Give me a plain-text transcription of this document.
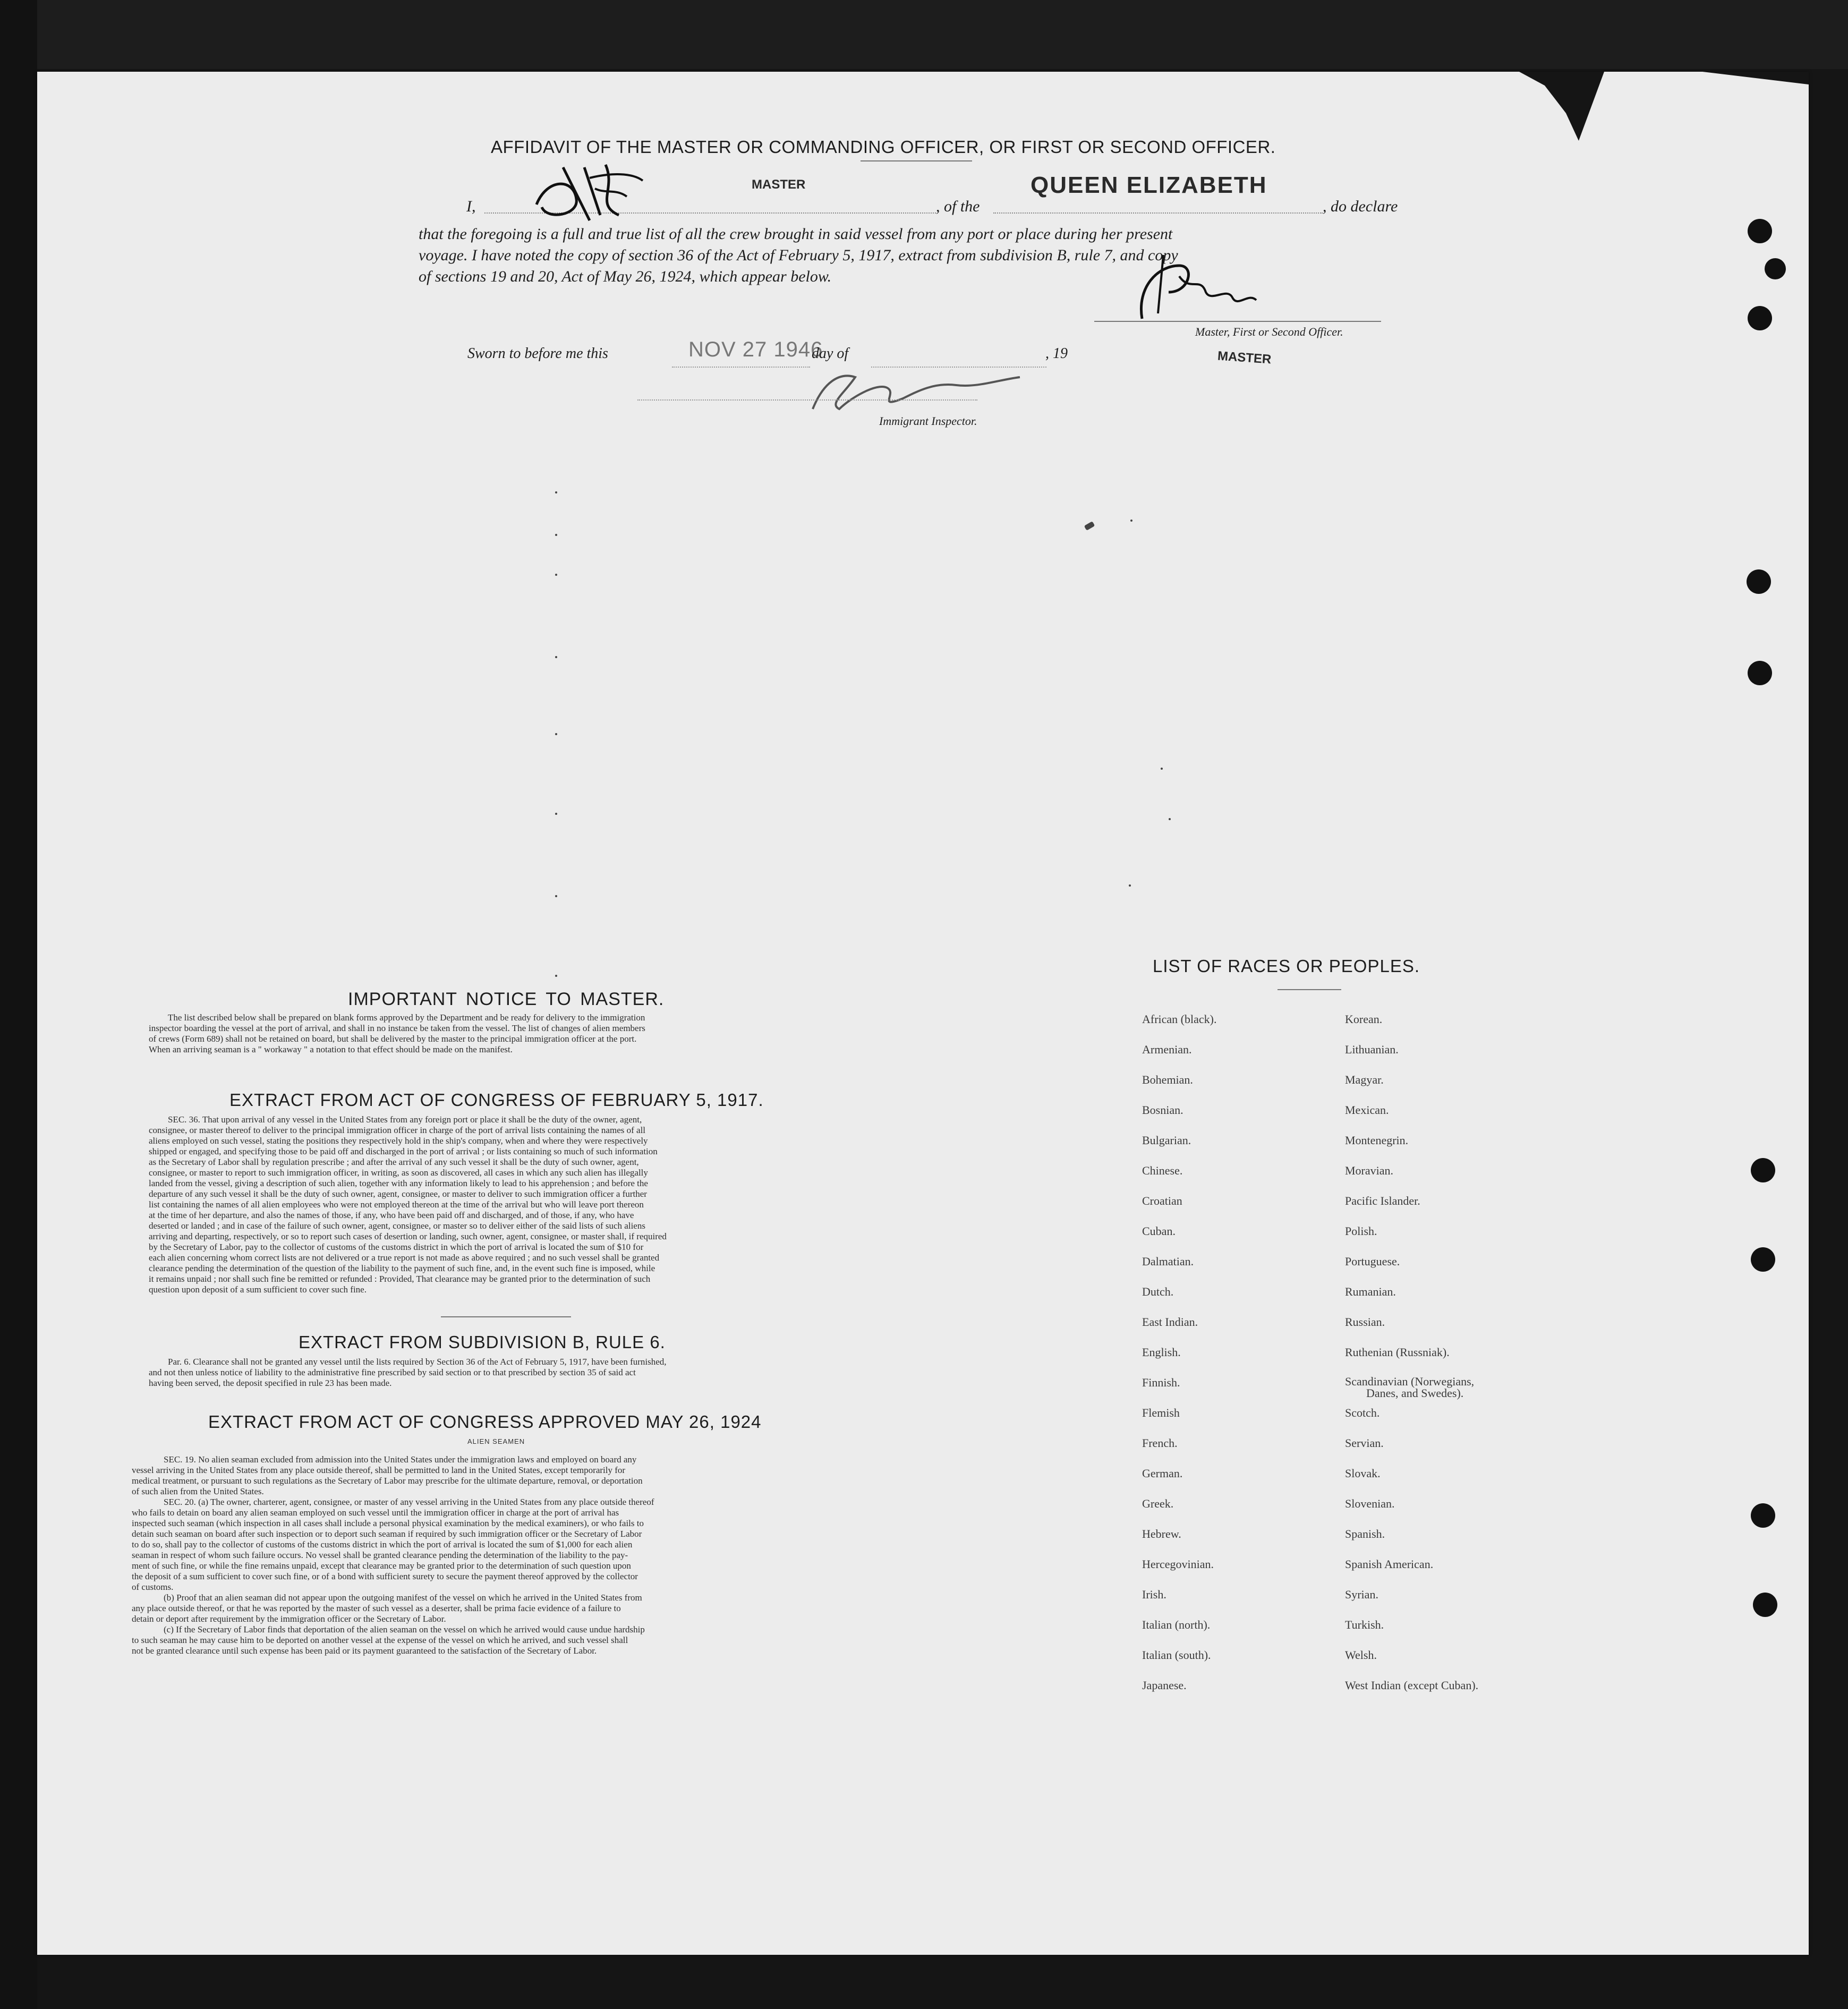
AFFIDAVIT OF THE MASTER OR COMMANDING OFFICER, OR FIRST OR SECOND OFFICER.
I,
MASTER
, of the
QUEEN ELIZABETH
, do declare
that the foregoing is a full and true list of all the crew brought in said vessel from any port or place during her present
voyage. I have noted the copy of section 36 of the Act of February 5, 1917, extract from subdivision B, rule 7, and copy
of sections 19 and 20, Act of May 26, 1924, which appear below.
Master, First or Second Officer.
MASTER
Sworn to before me this	NOV 27 1946
day of	, 19
Immigrant Inspector.
IMPORTANT NOTICE TO MASTER.
The list described below shall be prepared on blank forms approved by the Department and be ready for delivery to the immigration
inspector boarding the vessel at the port of arrival, and shall in no instance be taken from the vessel. The list of changes of alien members
of crews (Form 689) shall not be retained on board, but shall be delivered by the master to the principal immigration officer at the port.
When an arriving seaman is a " workaway " a notation to that effect should be made on the manifest.
EXTRACT FROM ACT OF CONGRESS OF FEBRUARY 5, 1917.
SEC. 36. That upon arrival of any vessel in the United States from any foreign port or place it shall be the duty of the owner, agent,
consignee, or master thereof to deliver to the principal immigration officer in charge of the port of arrival lists containing the names of all
aliens employed on such vessel, stating the positions they respectively hold in the ship's company, when and where they were respectively
shipped or engaged, and specifying those to be paid off and discharged in the port of arrival ; or lists containing so much of such information
as the Secretary of Labor shall by regulation prescribe ; and after the arrival of any such vessel it shall be the duty of such owner, agent,
consignee, or master to report to such immigration officer, in writing, as soon as discovered, all cases in which any such alien has illegally
landed from the vessel, giving a description of such alien, together with any information likely to lead to his apprehension ; and before the
departure of any such vessel it shall be the duty of such owner, agent, consignee, or master to deliver to such immigration officer a further
list containing the names of all alien employees who were not employed thereon at the time of the arrival but who will leave port thereon
at the time of her departure, and also the names of those, if any, who have been paid off and discharged, and of those, if any, who have
deserted or landed ; and in case of the failure of such owner, agent, consignee, or master so to deliver either of the said lists of such aliens
arriving and departing, respectively, or so to report such cases of desertion or landing, such owner, agent, consignee, or master shall, if required
by the Secretary of Labor, pay to the collector of customs of the customs district in which the port of arrival is located the sum of $10 for
each alien concerning whom correct lists are not delivered or a true report is not made as above required ; and no such vessel shall be granted
clearance pending the determination of the question of the liability to the payment of such fine, and, in the event such fine is imposed, while
it remains unpaid ; nor shall such fine be remitted or refunded : Provided, That clearance may be granted prior to the determination of such
question upon deposit of a sum sufficient to cover such fine.
EXTRACT FROM SUBDIVISION B, RULE 6.
Par. 6. Clearance shall not be granted any vessel until the lists required by Section 36 of the Act of February 5, 1917, have been furnished,
and not then unless notice of liability to the administrative fine prescribed by said section or to that prescribed by section 35 of said act
having been served, the deposit specified in rule 23 has been made.
EXTRACT FROM ACT OF CONGRESS APPROVED MAY 26, 1924
ALIEN SEAMEN
SEC. 19. No alien seaman excluded from admission into the United States under the immigration laws and employed on board any
vessel arriving in the United States from any place outside thereof, shall be permitted to land in the United States, except temporarily for
medical treatment, or pursuant to such regulations as the Secretary of Labor may prescribe for the ultimate departure, removal, or deportation
of such alien from the United States.
SEC. 20. (a) The owner, charterer, agent, consignee, or master of any vessel arriving in the United States from any place outside thereof
who fails to detain on board any alien seaman employed on such vessel until the immigration officer in charge at the port of arrival has
inspected such seaman (which inspection in all cases shall include a personal physical examination by the medical examiners), or who fails to
detain such seaman on board after such inspection or to deport such seaman if required by such immigration officer or the Secretary of Labor
to do so, shall pay to the collector of customs of the customs district in which the port of arrival is located the sum of $1,000 for each alien
seaman in respect of whom such failure occurs. No vessel shall be granted clearance pending the determination of the liability to the pay-
ment of such fine, or while the fine remains unpaid, except that clearance may be granted prior to the determination of such question upon
the deposit of a sum sufficient to cover such fine, or of a bond with sufficient surety to secure the payment thereof approved by the collector
of customs.
(b) Proof that an alien seaman did not appear upon the outgoing manifest of the vessel on which he arrived in the United States from
any place outside thereof, or that he was reported by the master of such vessel as a deserter, shall be prima facie evidence of a failure to
detain or deport after requirement by the immigration officer or the Secretary of Labor.
(c) If the Secretary of Labor finds that deportation of the alien seaman on the vessel on which he arrived would cause undue hardship
to such seaman he may cause him to be deported on another vessel at the expense of the vessel on which he arrived, and such vessel shall
not be granted clearance until such expense has been paid or its payment guaranteed to the satisfaction of the Secretary of Labor.
LIST OF RACES OR PEOPLES.
African (black).
Armenian.
Bohemian.
Bosnian.
Bulgarian.
Chinese.
Croatian
Cuban.
Dalmatian.
Dutch.
East Indian.
English.
Finnish.
Flemish
French.
German.
Greek.
Hebrew.
Hercegovinian.
Irish.
Italian (north).
Italian (south).
Japanese.
Korean.
Lithuanian.
Magyar.
Mexican.
Montenegrin.
Moravian.
Pacific Islander.
Polish.
Portuguese.
Rumanian.
Russian.
Ruthenian (Russniak).
Scandinavian (Norwegians,
Danes, and Swedes).
Scotch.
Servian.
Slovak.
Slovenian.
Spanish.
Spanish American.
Syrian.
Turkish.
Welsh.
West Indian (except Cuban).
